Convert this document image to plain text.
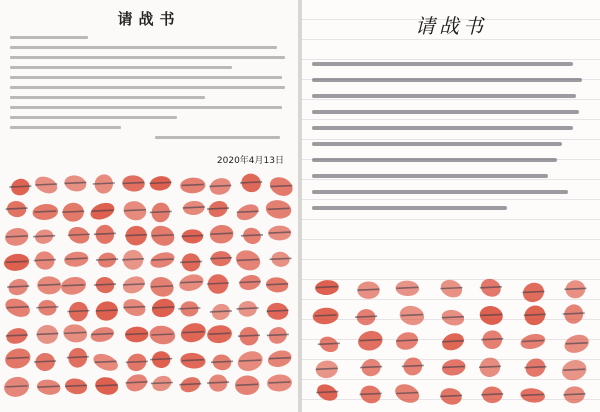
请战书
2020年4月13日
请战书
